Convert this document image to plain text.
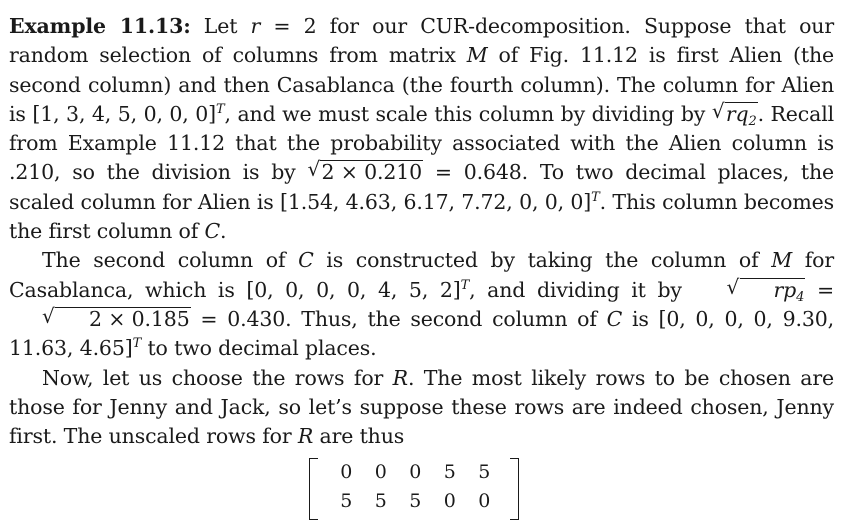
Example 11.13: Let r = 2 for our CUR-decomposition. Suppose that our random selection of columns from matrix M of Fig. 11.12 is first Alien (the second column) and then Casablanca (the fourth column). The column for Alien is [1, 3, 4, 5, 0, 0, 0]$^T$, and we must scale this column by dividing by √ $rq_2$. Recall from Example 11.12 that the probability associated with the Alien column is .210, so the division is by √ 2 × 0.210 = 0.648. To two decimal places, the scaled column for Alien is [1.54, 4.63, 6.17, 7.72, 0, 0, 0]$^T$. This column becomes the first column of C.

The second column of C is constructed by taking the column of M for Casablanca, which is [0, 0, 0, 0, 4, 5, 2]$^T$, and dividing it by	√ $rp_4$ =
√ 2 × 0.185 = 0.430. Thus, the second column of C is [0, 0, 0, 0, 9.30, 11.63, 4.65]$^T$ to two decimal places.

Now, let us choose the rows for R. The most likely rows to be chosen are those for Jenny and Jack, so let’s suppose these rows are indeed chosen, Jenny first. The unscaled rows for R are thus

0	0	0	5	5
5	5	5	0	0
